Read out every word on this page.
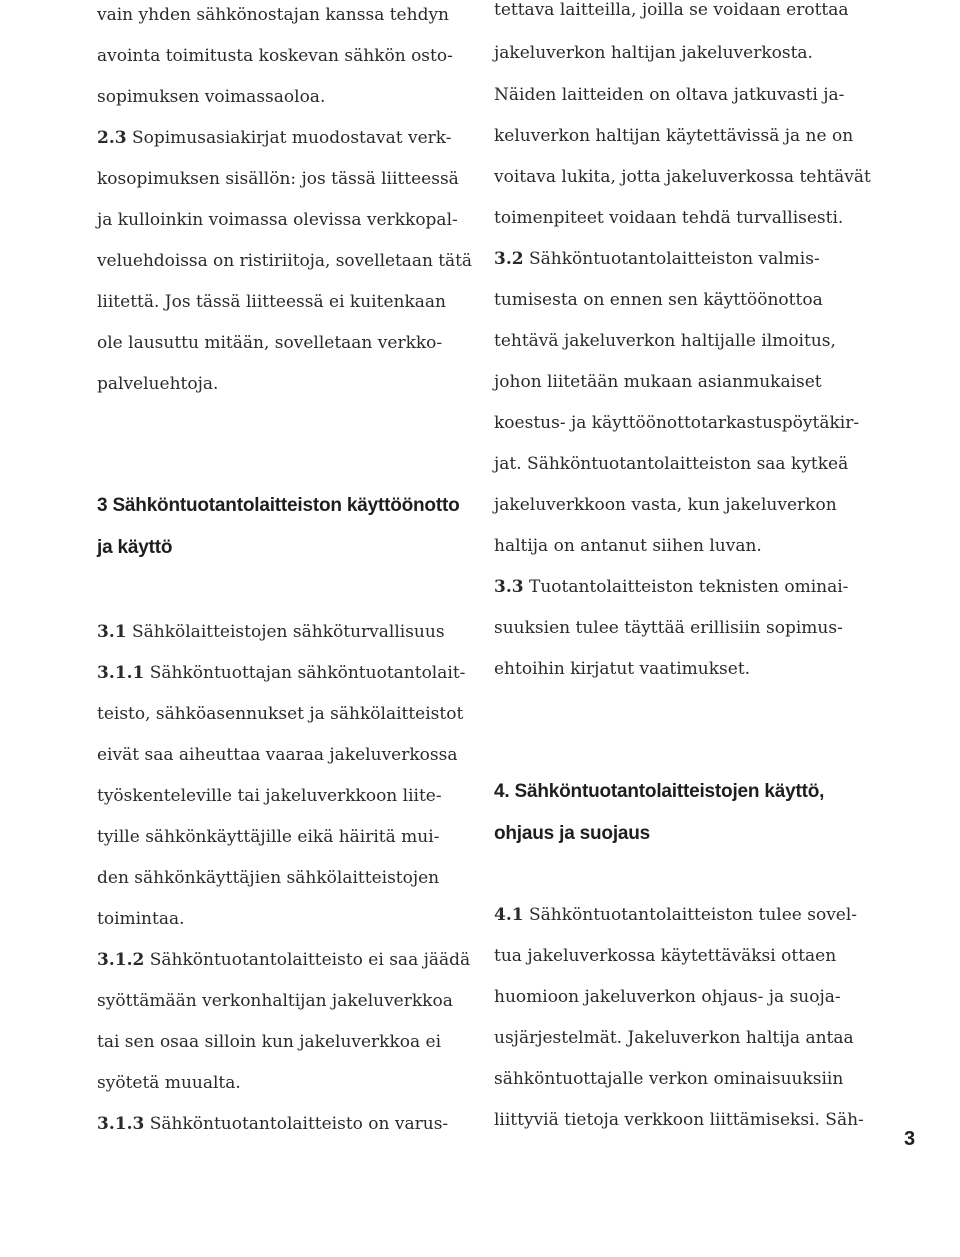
vain yhden sähkönostajan kanssa tehdyn
avointa toimitusta koskevan sähkön osto-
sopimuksen voimassaoloa.
2.3 Sopimusasiakirjat muodostavat verk-
kosopimuksen sisällön: jos tässä liitteessä
ja kulloinkin voimassa olevissa verkkopal-
veluehdoissa on ristiriitoja, sovelletaan tätä
liitettä. Jos tässä liitteessä ei kuitenkaan
ole lausuttu mitään, sovelletaan verkko-
palveluehtoja.
3 Sähköntuotantolaitteiston käyttöönotto
ja käyttö
3.1 Sähkölaitteistojen sähköturvallisuus
3.1.1 Sähköntuottajan sähköntuotantolait-
teisto, sähköasennukset ja sähkölaitteistot
eivät saa aiheuttaa vaaraa jakeluverkossa
työskenteleville tai jakeluverkkoon liite-
tyille sähkönkäyttäjille eikä häiritä mui-
den sähkönkäyttäjien sähkölaitteistojen
toimintaa.
3.1.2 Sähköntuotantolaitteisto ei saa jäädä
syöttämään verkonhaltijan jakeluverkkoa
tai sen osaa silloin kun jakeluverkkoa ei
syötetä muualta.
3.1.3 Sähköntuotantolaitteisto on varus-
tettava laitteilla, joilla se voidaan erottaa
jakeluverkon haltijan jakeluverkosta.
Näiden laitteiden on oltava jatkuvasti ja-
keluverkon haltijan käytettävissä ja ne on
voitava lukita, jotta jakeluverkossa tehtävät
toimenpiteet voidaan tehdä turvallisesti.
3.2 Sähköntuotantolaitteiston valmis-
tumisesta on ennen sen käyttöönottoa
tehtävä jakeluverkon haltijalle ilmoitus,
johon liitetään mukaan asianmukaiset
koestus- ja käyttöönottotarkastuspöytäkir-
jat. Sähköntuotantolaitteiston saa kytkeä
jakeluverkkoon vasta, kun jakeluverkon
haltija on antanut siihen luvan.
3.3 Tuotantolaitteiston teknisten ominai-
suuksien tulee täyttää erillisiin sopimus-
ehtoihin kirjatut vaatimukset.
4. Sähköntuotantolaitteistojen käyttö,
ohjaus ja suojaus
4.1 Sähköntuotantolaitteiston tulee sovel-
tua jakeluverkossa käytettäväksi ottaen
huomioon jakeluverkon ohjaus- ja suoja-
usjärjestelmät. Jakeluverkon haltija antaa
sähköntuottajalle verkon ominaisuuksiin
liittyviä tietoja verkkoon liittämiseksi. Säh-
3
